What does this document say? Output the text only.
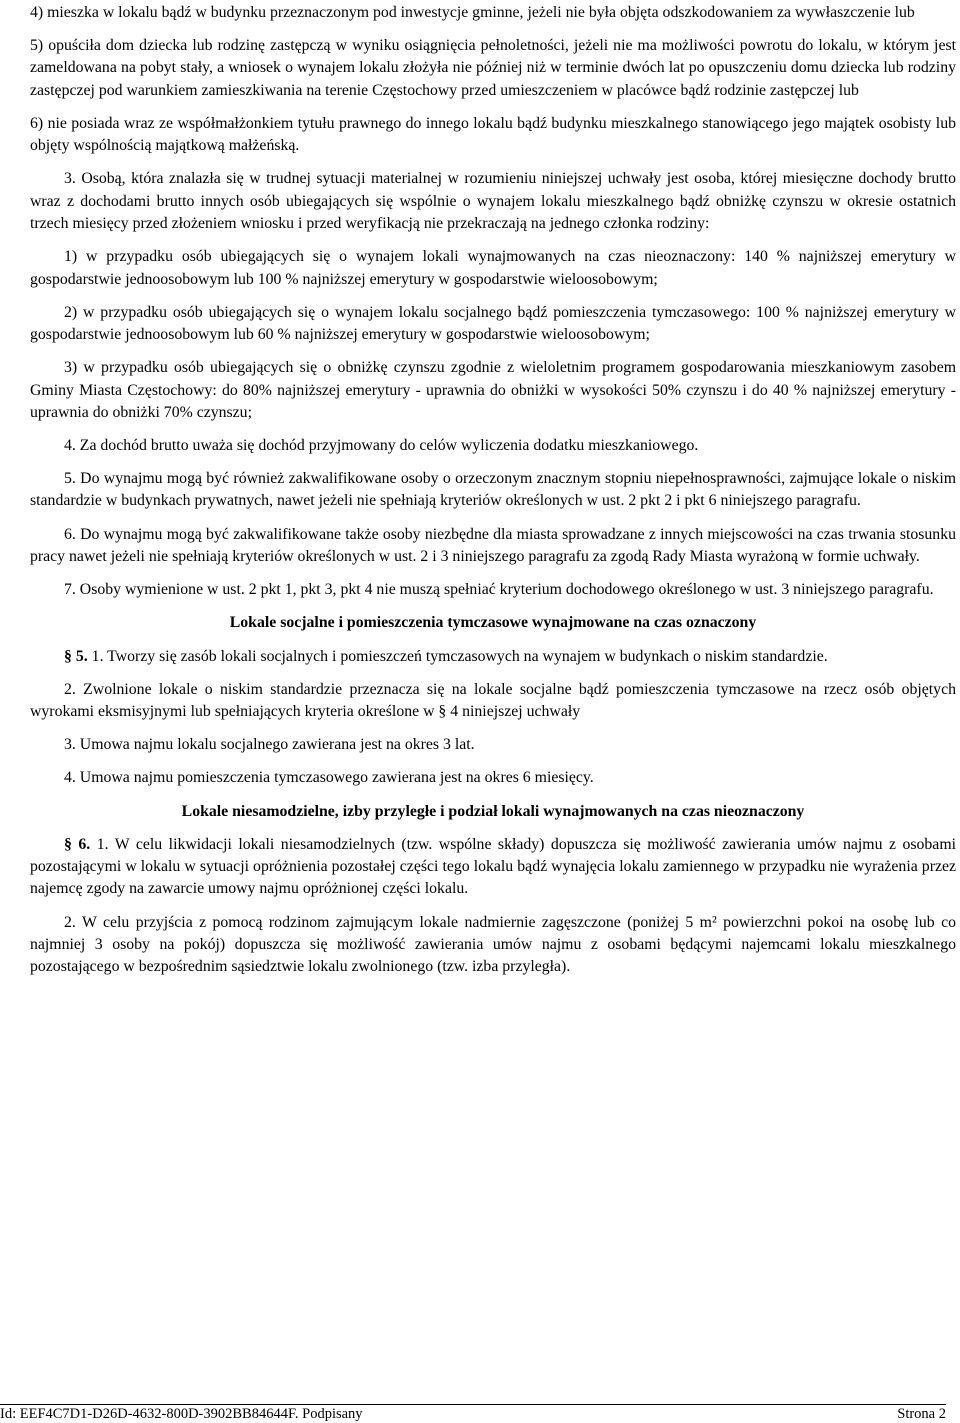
4) mieszka w lokalu bądź w budynku przeznaczonym pod inwestycje gminne, jeżeli nie była objęta odszkodowaniem za wywłaszczenie lub

5) opuściła dom dziecka lub rodzinę zastępczą w wyniku osiągnięcia pełnoletności, jeżeli nie ma możliwości powrotu do lokalu, w którym jest zameldowana na pobyt stały, a wniosek o wynajem lokalu złożyła nie później niż w terminie dwóch lat po opuszczeniu domu dziecka lub rodziny zastępczej pod warunkiem zamieszkiwania na terenie Częstochowy przed umieszczeniem w placówce bądź rodzinie zastępczej lub

6) nie posiada wraz ze współmałżonkiem tytułu prawnego do innego lokalu bądź budynku mieszkalnego stanowiącego jego majątek osobisty lub objęty wspólnością majątkową małżeńską.

3. Osobą, która znalazła się w trudnej sytuacji materialnej w rozumieniu niniejszej uchwały jest osoba, której miesięczne dochody brutto wraz z dochodami brutto innych osób ubiegających się wspólnie o wynajem lokalu mieszkalnego bądź obniżkę czynszu w okresie ostatnich trzech miesięcy przed złożeniem wniosku i przed weryfikacją nie przekraczają na jednego członka rodziny:

1) w przypadku osób ubiegających się o wynajem lokali wynajmowanych na czas nieoznaczony: 140 % najniższej emerytury w gospodarstwie jednoosobowym lub 100 % najniższej emerytury w gospodarstwie wieloosobowym;

2) w przypadku osób ubiegających się o wynajem lokalu socjalnego bądź pomieszczenia tymczasowego: 100 % najniższej emerytury w gospodarstwie jednoosobowym lub 60 % najniższej emerytury w gospodarstwie wieloosobowym;

3) w przypadku osób ubiegających się o obniżkę czynszu zgodnie z wieloletnim programem gospodarowania mieszkaniowym zasobem Gminy Miasta Częstochowy: do 80% najniższej emerytury - uprawnia do obniżki w wysokości 50% czynszu i do 40 % najniższej emerytury - uprawnia do obniżki 70% czynszu;

4. Za dochód brutto uważa się dochód przyjmowany do celów wyliczenia dodatku mieszkaniowego.

5. Do wynajmu mogą być również zakwalifikowane osoby o orzeczonym znacznym stopniu niepełnosprawności, zajmujące lokale o niskim standardzie w budynkach prywatnych, nawet jeżeli nie spełniają kryteriów określonych w ust. 2 pkt 2 i pkt 6 niniejszego paragrafu.

6. Do wynajmu mogą być zakwalifikowane także osoby niezbędne dla miasta sprowadzane z innych miejscowości na czas trwania stosunku pracy nawet jeżeli nie spełniają kryteriów określonych w ust. 2 i 3 niniejszego paragrafu za zgodą Rady Miasta wyrażoną w formie uchwały.

7. Osoby wymienione w ust. 2 pkt 1, pkt 3, pkt 4 nie muszą spełniać kryterium dochodowego określonego w ust. 3 niniejszego paragrafu.

Lokale socjalne i pomieszczenia tymczasowe wynajmowane na czas oznaczony

§ 5. 1. Tworzy się zasób lokali socjalnych i pomieszczeń tymczasowych na wynajem w budynkach o niskim standardzie.

2. Zwolnione lokale o niskim standardzie przeznacza się na lokale socjalne bądź pomieszczenia tymczasowe na rzecz osób objętych wyrokami eksmisyjnymi lub spełniających kryteria określone w § 4 niniejszej uchwały

3. Umowa najmu lokalu socjalnego zawierana jest na okres 3 lat.

4. Umowa najmu pomieszczenia tymczasowego zawierana jest na okres 6 miesięcy.

Lokale niesamodzielne, izby przyległe i podział lokali wynajmowanych na czas nieoznaczony

§ 6. 1. W celu likwidacji lokali niesamodzielnych (tzw. wspólne składy) dopuszcza się możliwość zawierania umów najmu z osobami pozostającymi w lokalu w sytuacji opróżnienia pozostałej części tego lokalu bądź wynajęcia lokalu zamiennego w przypadku nie wyrażenia przez najemcę zgody na zawarcie umowy najmu opróżnionej części lokalu.

2. W celu przyjścia z pomocą rodzinom zajmującym lokale nadmiernie zagęszczone (poniżej 5 m² powierzchni pokoi na osobę lub co najmniej 3 osoby na pokój) dopuszcza się możliwość zawierania umów najmu z osobami będącymi najemcami lokalu mieszkalnego pozostającego w bezpośrednim sąsiedztwie lokalu zwolnionego (tzw. izba przyległa).

Id: EEF4C7D1-D26D-4632-800D-3902BB84644F. Podpisany	Strona 2
